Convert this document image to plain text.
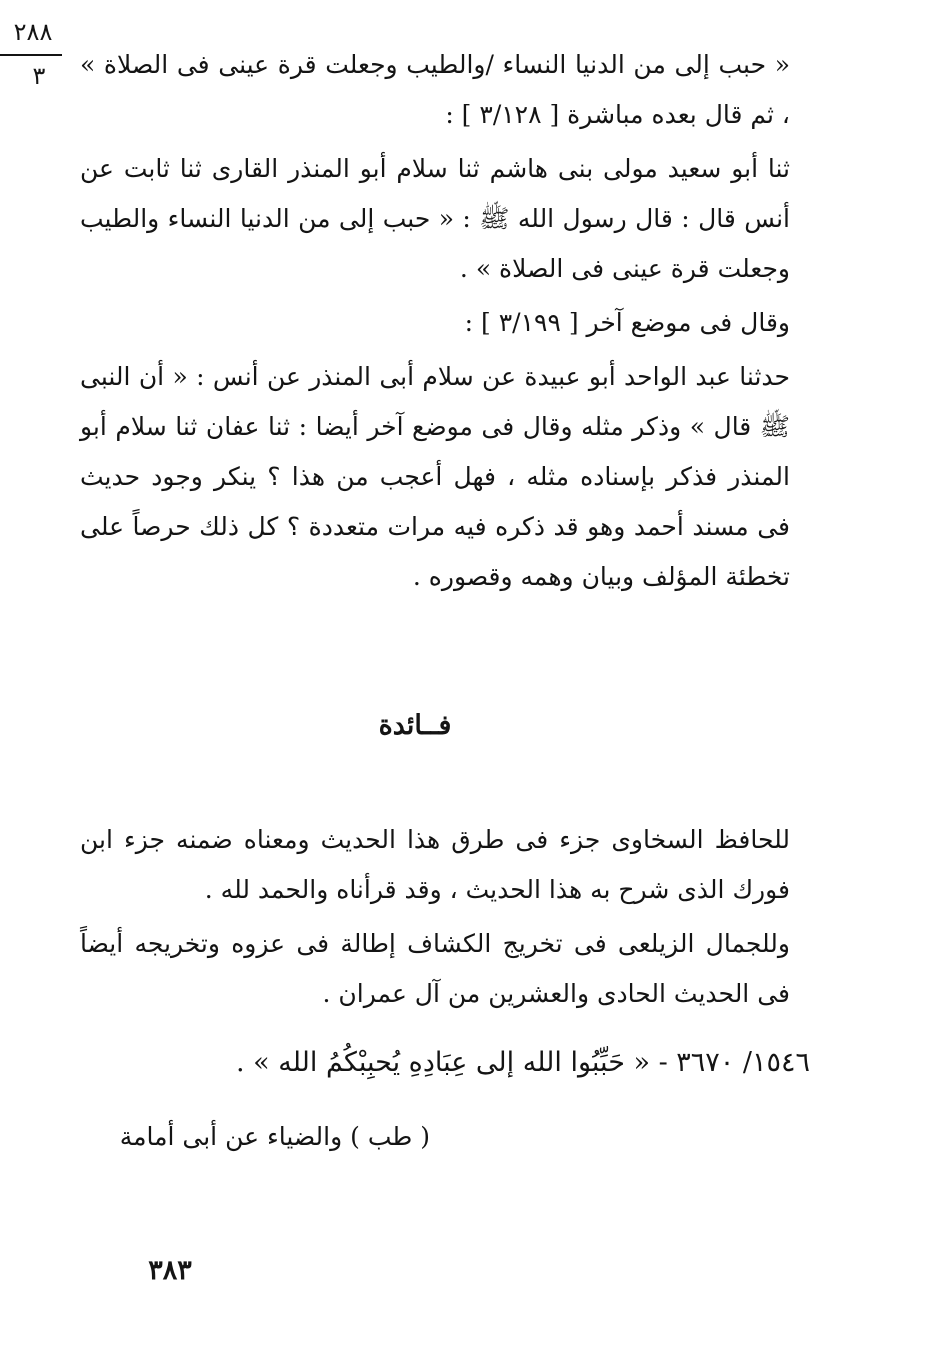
٢٨٨
٣	« حبب إلى من الدنيا النساء /والطيب وجعلت قرة عينى فى الصلاة » ، ثم قال بعده مباشرة [ ٣/١٢٨ ] :

ثنا أبو سعيد مولى بنى هاشم ثنا سلام أبو المنذر القارى ثنا ثابت عن أنس قال : قال رسول الله ﷺ : « حبب إلى من الدنيا النساء والطيب وجعلت قرة عينى فى الصلاة » .

وقال فى موضع آخر [ ٣/١٩٩ ] :

حدثنا عبد الواحد أبو عبيدة عن سلام أبى المنذر عن أنس : « أن النبى ﷺ قال » وذكر مثله وقال فى موضع آخر أيضا : ثنا عفان ثنا سلام أبو المنذر فذكر بإسناده مثله ، فهل أعجب من هذا ؟ ينكر وجود حديث فى مسند أحمد وهو قد ذكره فيه مرات متعددة ؟ كل ذلك حرصاً على تخطئة المؤلف وبيان وهمه وقصوره .

فــائدة

للحافظ السخاوى جزء فى طرق هذا الحديث ومعناه ضمنه جزء ابن فورك الذى شرح به هذا الحديث ، وقد قرأناه والحمد لله .

وللجمال الزيلعى فى تخريج الكشاف إطالة فى عزوه وتخريجه أيضاً فى الحديث الحادى والعشرين من آل عمران .

١٥٤٦/ ٣٦٧٠ - « حَبِّبُوا الله إلى عِبَادِهِ يُحبِبْكُمُ الله » .
( طب ) والضياء عن أبى أمامة
٣٨٣
